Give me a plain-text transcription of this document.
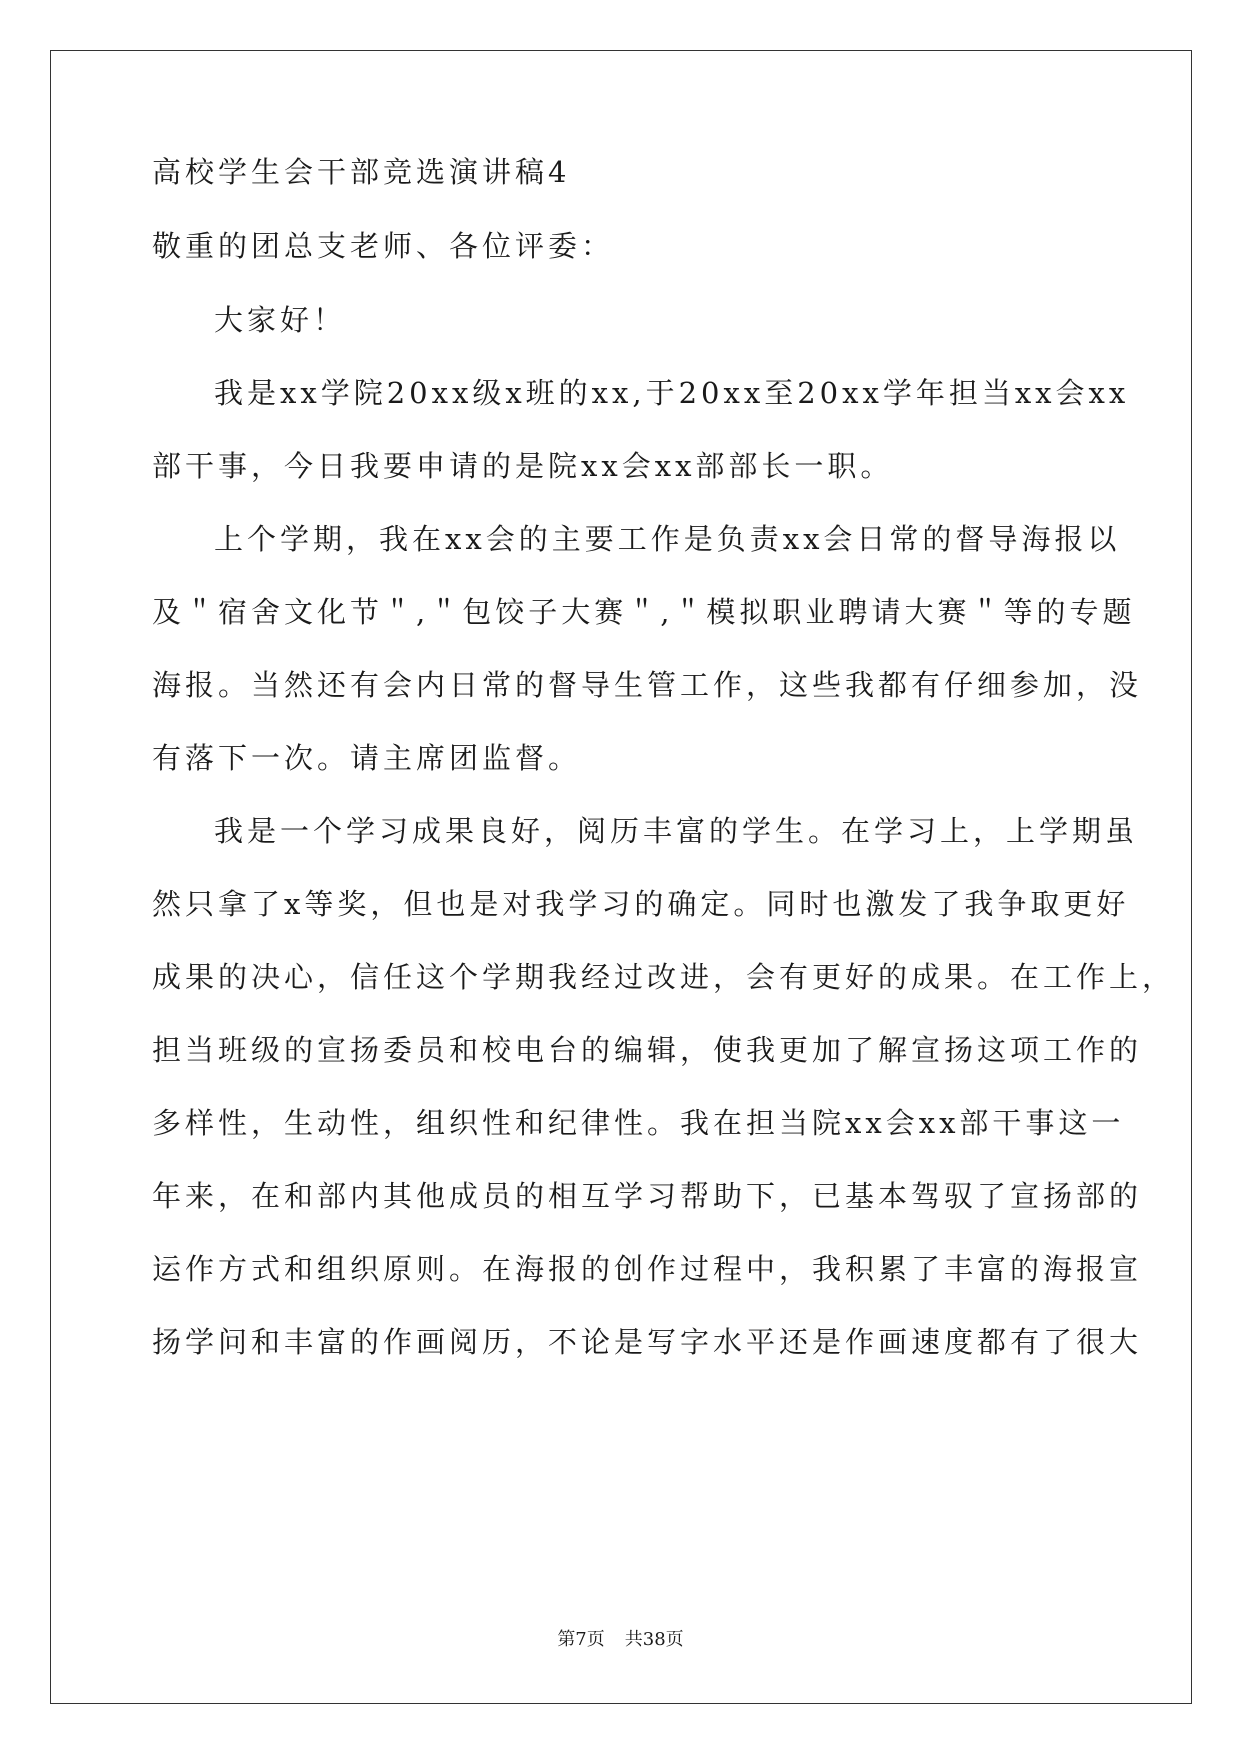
高校学生会干部竞选演讲稿4

敬重的团总支老师、各位评委：

大家好！

我是xx学院20xx级x班的xx,于20xx至20xx学年担当xx会xx

部干事，今日我要申请的是院xx会xx部部长一职。

上个学期，我在xx会的主要工作是负责xx会日常的督导海报以

及＂宿舍文化节＂,＂包饺子大赛＂,＂模拟职业聘请大赛＂等的专题

海报。当然还有会内日常的督导生管工作，这些我都有仔细参加，没

有落下一次。请主席团监督。

我是一个学习成果良好，阅历丰富的学生。在学习上，上学期虽

然只拿了x等奖，但也是对我学习的确定。同时也激发了我争取更好

成果的决心，信任这个学期我经过改进，会有更好的成果。在工作上，

担当班级的宣扬委员和校电台的编辑，使我更加了解宣扬这项工作的

多样性，生动性，组织性和纪律性。我在担当院xx会xx部干事这一

年来，在和部内其他成员的相互学习帮助下，已基本驾驭了宣扬部的

运作方式和组织原则。在海报的创作过程中，我积累了丰富的海报宣

扬学问和丰富的作画阅历，不论是写字水平还是作画速度都有了很大

第7页 共38页
